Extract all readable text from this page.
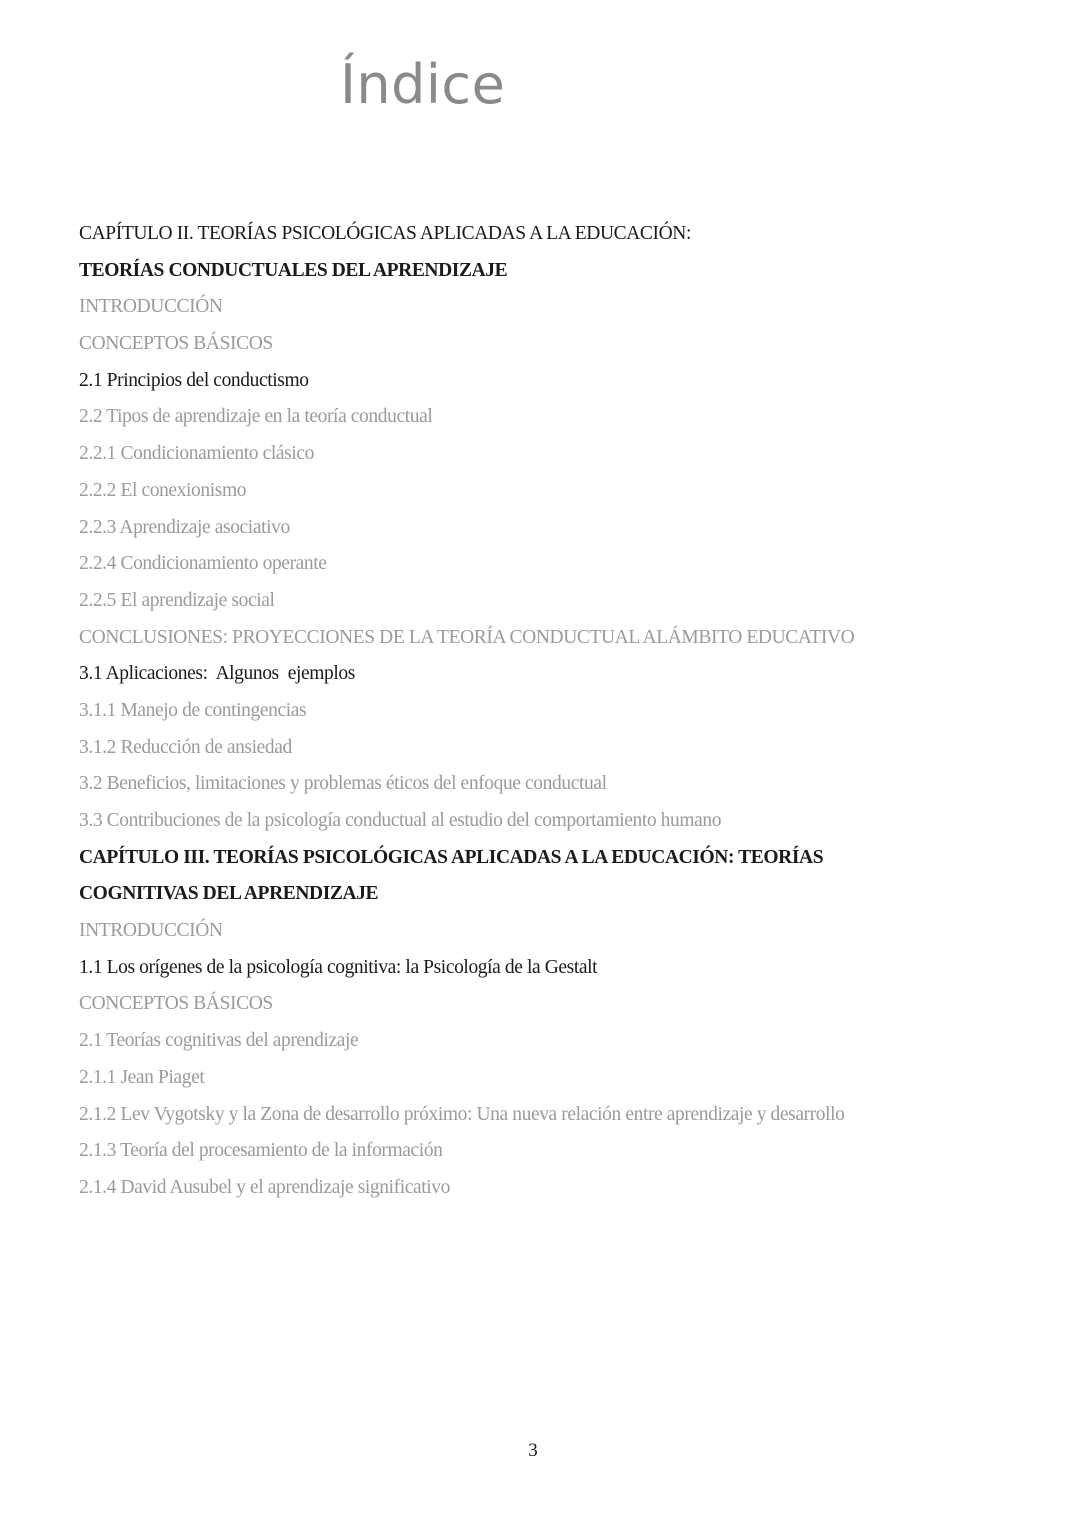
Índice
CAPÍTULO II. TEORÍAS PSICOLÓGICAS APLICADAS A LA EDUCACIÓN:
TEORÍAS CONDUCTUALES DEL APRENDIZAJE
INTRODUCCIÓN
CONCEPTOS BÁSICOS
2.1 Principios del conductismo
2.2 Tipos de aprendizaje en la teoría conductual
2.2.1 Condicionamiento clásico
2.2.2 El conexionismo
2.2.3 Aprendizaje asociativo
2.2.4 Condicionamiento operante
2.2.5 El aprendizaje social
CONCLUSIONES: PROYECCIONES DE LA TEORÍA CONDUCTUAL ALÁMBITO EDUCATIVO
3.1 Aplicaciones:  Algunos  ejemplos
3.1.1 Manejo de contingencias
3.1.2 Reducción de ansiedad
3.2 Beneficios, limitaciones y problemas éticos del enfoque conductual
3.3 Contribuciones de la psicología conductual al estudio del comportamiento humano
CAPÍTULO III. TEORÍAS PSICOLÓGICAS APLICADAS A LA EDUCACIÓN: TEORÍAS
COGNITIVAS DEL APRENDIZAJE
INTRODUCCIÓN
1.1 Los orígenes de la psicología cognitiva: la Psicología de la Gestalt
CONCEPTOS BÁSICOS
2.1 Teorías cognitivas del aprendizaje
2.1.1 Jean Piaget
2.1.2 Lev Vygotsky y la Zona de desarrollo próximo: Una nueva relación entre aprendizaje y desarrollo
2.1.3 Teoría del procesamiento de la información
2.1.4 David Ausubel y el aprendizaje significativo
3
